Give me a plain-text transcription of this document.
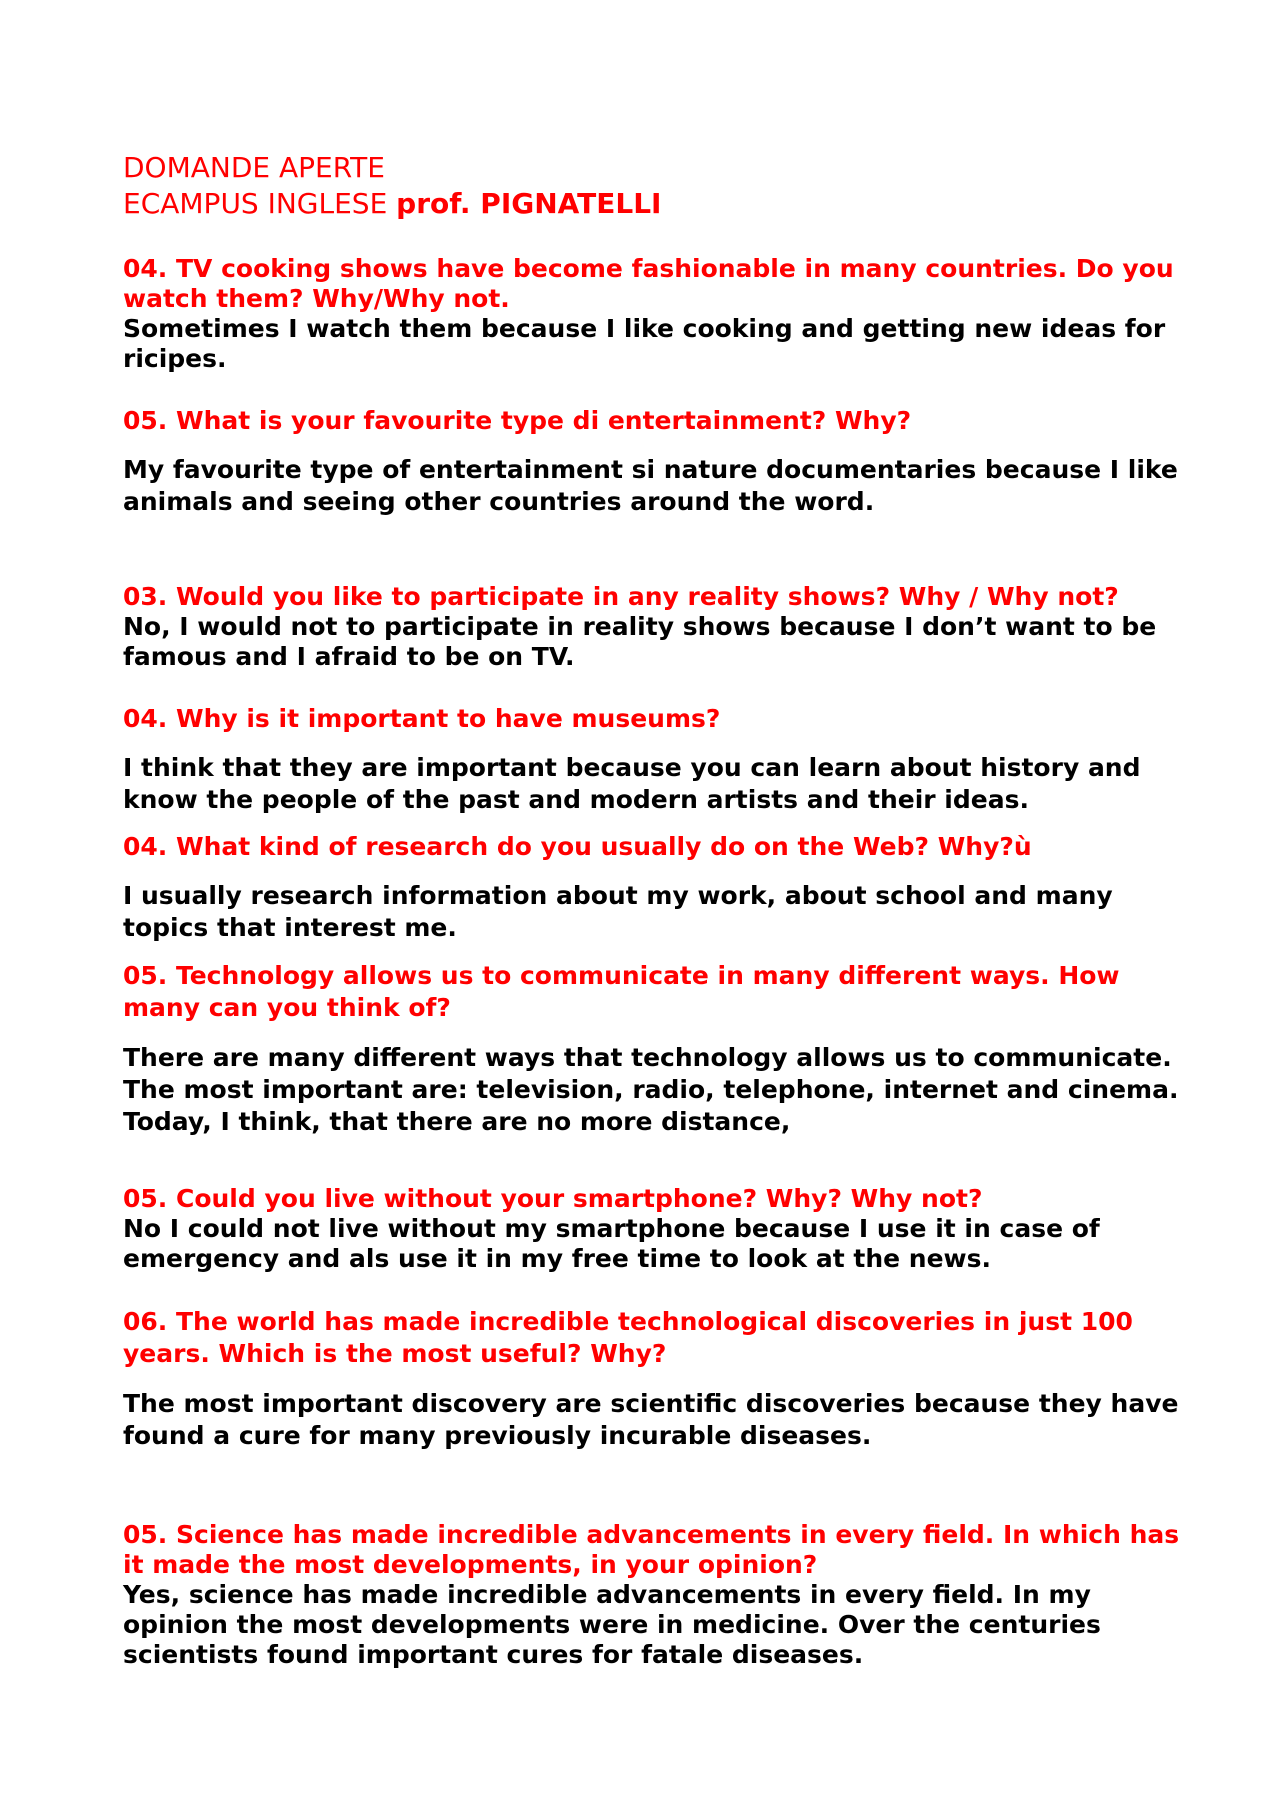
DOMANDE APERTE
ECAMPUS INGLESE prof. PIGNATELLI

04. TV cooking shows have become fashionable in many countries. Do you watch them? Why/Why not.

Sometimes I watch them because I like cooking and getting new ideas for ricipes.

05. What is your favourite type di entertainment? Why?

My favourite type of entertainment si nature documentaries because I like animals and seeing other countries around the word.

03. Would you like to participate in any reality shows? Why / Why not?

No, I would not to participate in reality shows because I don’t want to be famous and I afraid to be on TV.

04. Why is it important to have museums?

I think that they are important because you can learn about history and know the people of the past and modern artists and their ideas.

04. What kind of research do you usually do on the Web? Why?ù

I usually research information about my work, about school and many topics that interest me.

05. Technology allows us to communicate in many different ways. How many can you think of?

There are many different ways that technology allows us to communicate. The most important are: television, radio, telephone, internet and cinema. Today, I think, that there are no more distance,

05. Could you live without your smartphone? Why? Why not?

No I could not live without my smartphone because I use it in case of emergency and als use it in my free time to look at the news.

06. The world has made incredible technological discoveries in just 100 years. Which is the most useful? Why?

The most important discovery are scientific discoveries because they have found a cure for many previously incurable diseases.

05. Science has made incredible advancements in every field. In which has it made the most developments, in your opinion?

Yes, science has made incredible advancements in every field. In my opinion the most developments were in medicine. Over the centuries scientists found important cures for fatale diseases.
